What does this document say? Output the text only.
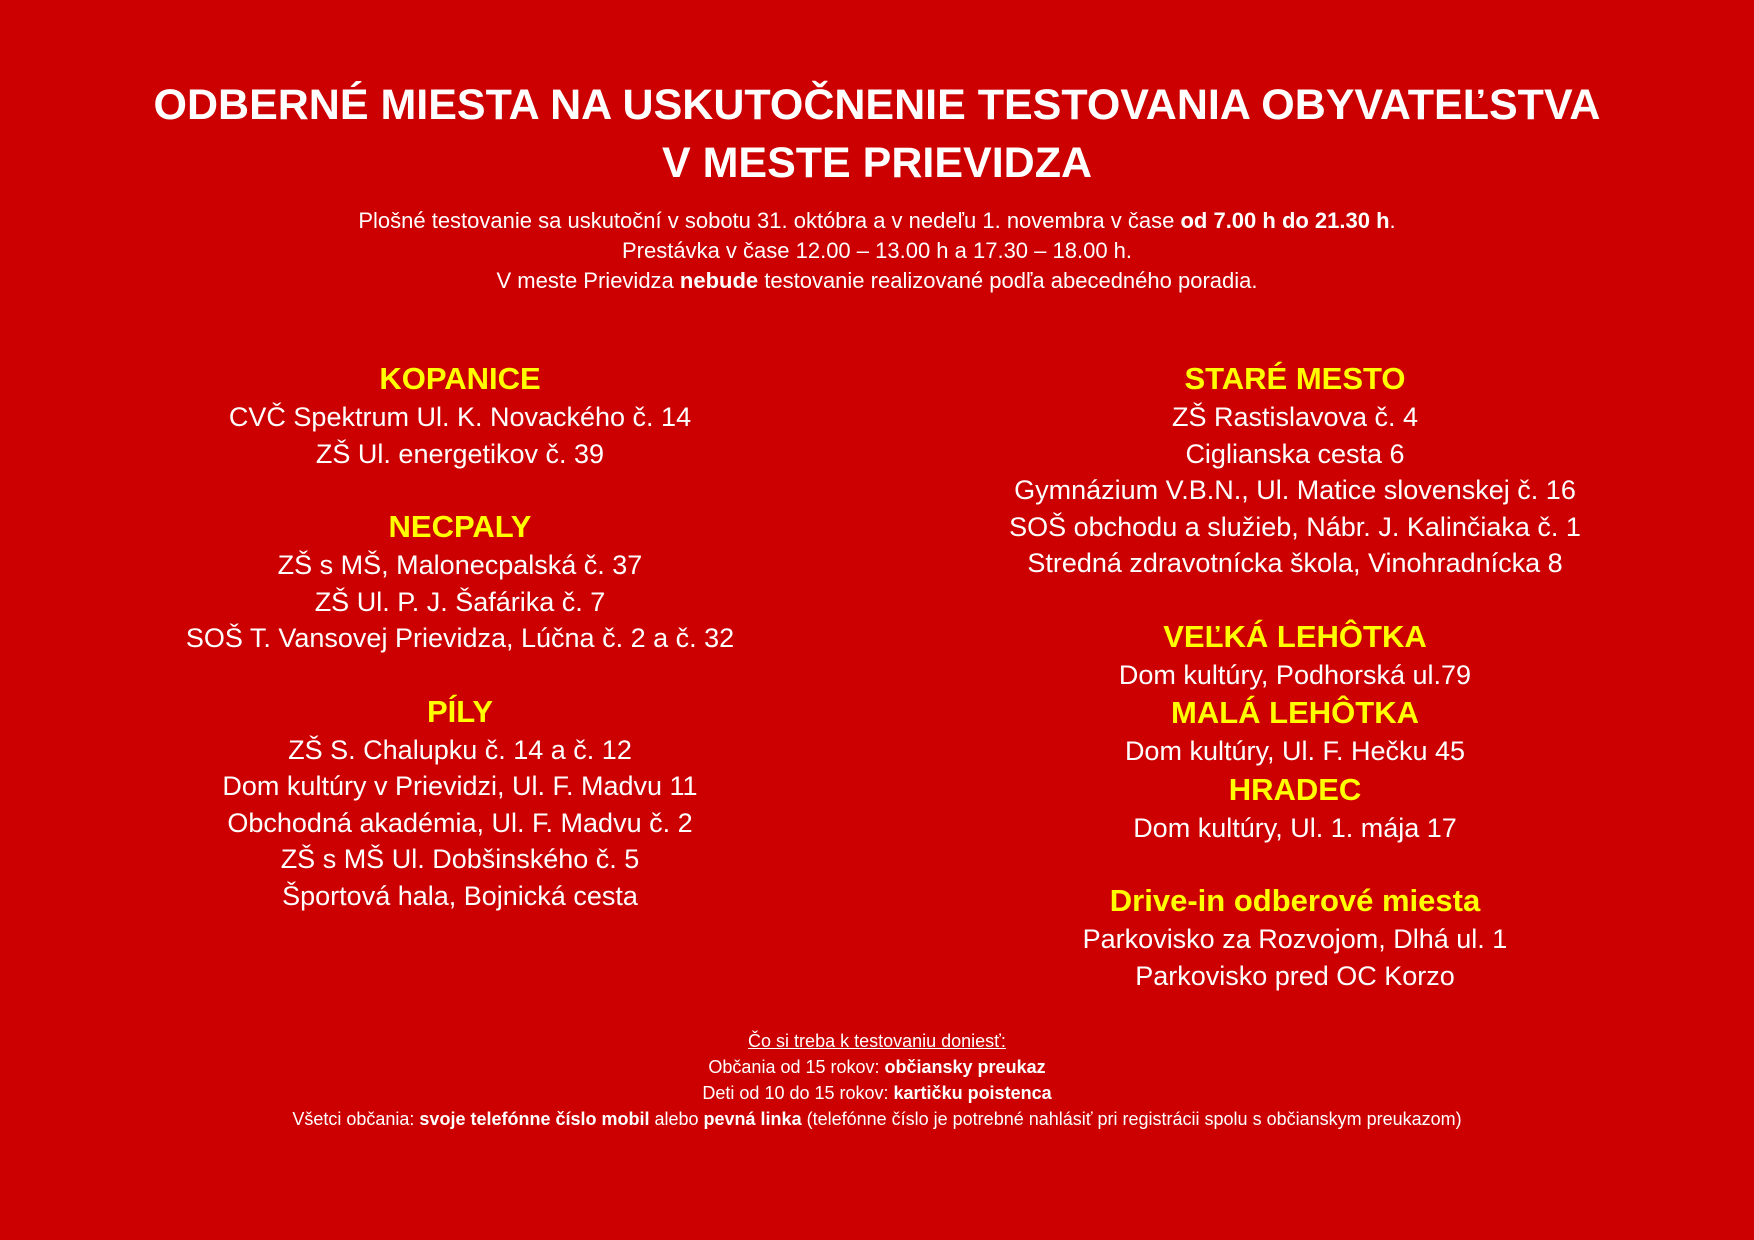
ODBERNÉ MIESTA NA USKUTOČNENIE TESTOVANIA OBYVATEĽSTVA
V MESTE PRIEVIDZA
Plošné testovanie sa uskutoční v sobotu 31. októbra a v nedeľu 1. novembra v čase od 7.00 h do 21.30 h.
Prestávka v čase 12.00 – 13.00 h a 17.30 – 18.00 h.
V meste Prievidza nebude testovanie realizované podľa abecedného poradia.
KOPANICE
CVČ Spektrum Ul. K. Novackého č. 14
ZŠ Ul. energetikov č. 39
NECPALY
ZŠ s MŠ, Malonecpalská č. 37
ZŠ Ul. P. J. Šafárika č. 7
SOŠ T. Vansovej Prievidza, Lúčna č. 2 a č. 32
PÍLY
ZŠ S. Chalupku č. 14 a č. 12
Dom kultúry v Prievidzi, Ul. F. Madvu 11
Obchodná akadémia, Ul. F. Madvu č. 2
ZŠ s MŠ Ul. Dobšinského č. 5
Športová hala, Bojnická cesta
STARÉ MESTO
ZŠ Rastislavova č. 4
Ciglianska cesta 6
Gymnázium V.B.N., Ul. Matice slovenskej č. 16
SOŠ obchodu a služieb, Nábr. J. Kalinčiaka č. 1
Stredná zdravotnícka škola, Vinohradnícka 8
VEĽKÁ LEHÔTKA
Dom kultúry, Podhorská ul.79
MALÁ LEHÔTKA
Dom kultúry, Ul. F. Hečku 45
HRADEC
Dom kultúry, Ul. 1. mája 17
Drive-in odberové miesta
Parkovisko za Rozvojom, Dlhá ul. 1
Parkovisko pred OC Korzo
Čo si treba k testovaniu doniesť:
Občania od 15 rokov: občiansky preukaz
Deti od 10 do 15 rokov: kartičku poistenca
Všetci občania: svoje telefónne číslo mobil alebo pevná linka (telefónne číslo je potrebné nahlásiť pri registrácii spolu s občianskym preukazom)
